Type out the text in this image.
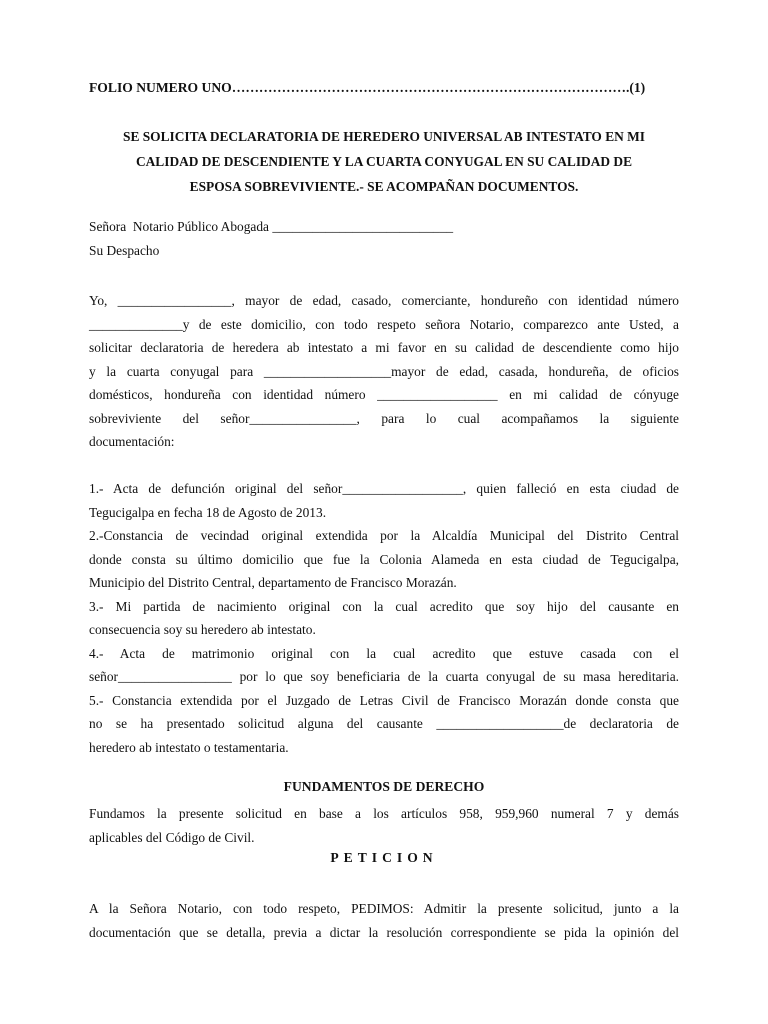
FOLIO NUMERO UNO…………………………………………………………………………….(1)

SE SOLICITA DECLARATORIA DE HEREDERO UNIVERSAL AB INTESTATO EN MI
CALIDAD DE DESCENDIENTE Y LA CUARTA CONYUGAL EN SU CALIDAD DE
ESPOSA SOBREVIVIENTE.- SE ACOMPAÑAN DOCUMENTOS.

Señora  Notario Público Abogada ___________________________

Su Despacho

Yo, _________________, mayor de edad, casado, comerciante, hondureño con identidad número
______________y de este domicilio, con todo respeto señora Notario, comparezco ante Usted, a
solicitar declaratoria de heredera ab intestato a mi favor en su calidad de descendiente como hijo
y la cuarta conyugal para ___________________mayor de edad, casada, hondureña, de oficios
domésticos, hondureña con identidad número __________________ en mi calidad de cónyuge
sobreviviente del señor________________, para lo cual acompañamos la siguiente
documentación:

1.- Acta de defunción original del señor__________________, quien falleció en esta ciudad de
Tegucigalpa en fecha 18 de Agosto de 2013.

2.-Constancia de vecindad original extendida por la Alcaldía Municipal del Distrito Central
donde consta su último domicilio que fue la Colonia Alameda en esta ciudad de Tegucigalpa,
Municipio del Distrito Central, departamento de Francisco Morazán.

3.- Mi partida de nacimiento original con la cual acredito que soy hijo del causante en
consecuencia soy su heredero ab intestato.

4.- Acta de matrimonio original con la cual acredito que estuve casada con el
señor_________________ por lo que soy beneficiaria de la cuarta conyugal de su masa hereditaria.

5.- Constancia extendida por el Juzgado de Letras Civil de Francisco Morazán donde consta que
no se ha presentado solicitud alguna del causante ___________________de declaratoria de
heredero ab intestato o testamentaria.

FUNDAMENTOS DE DERECHO

Fundamos la presente solicitud en base a los artículos 958, 959,960 numeral 7 y demás
aplicables del Código de Civil.

PETICION

A la Señora Notario, con todo respeto, PEDIMOS: Admitir la presente solicitud, junto a la
documentación que se detalla, previa a dictar la resolución correspondiente se pida la opinión del
